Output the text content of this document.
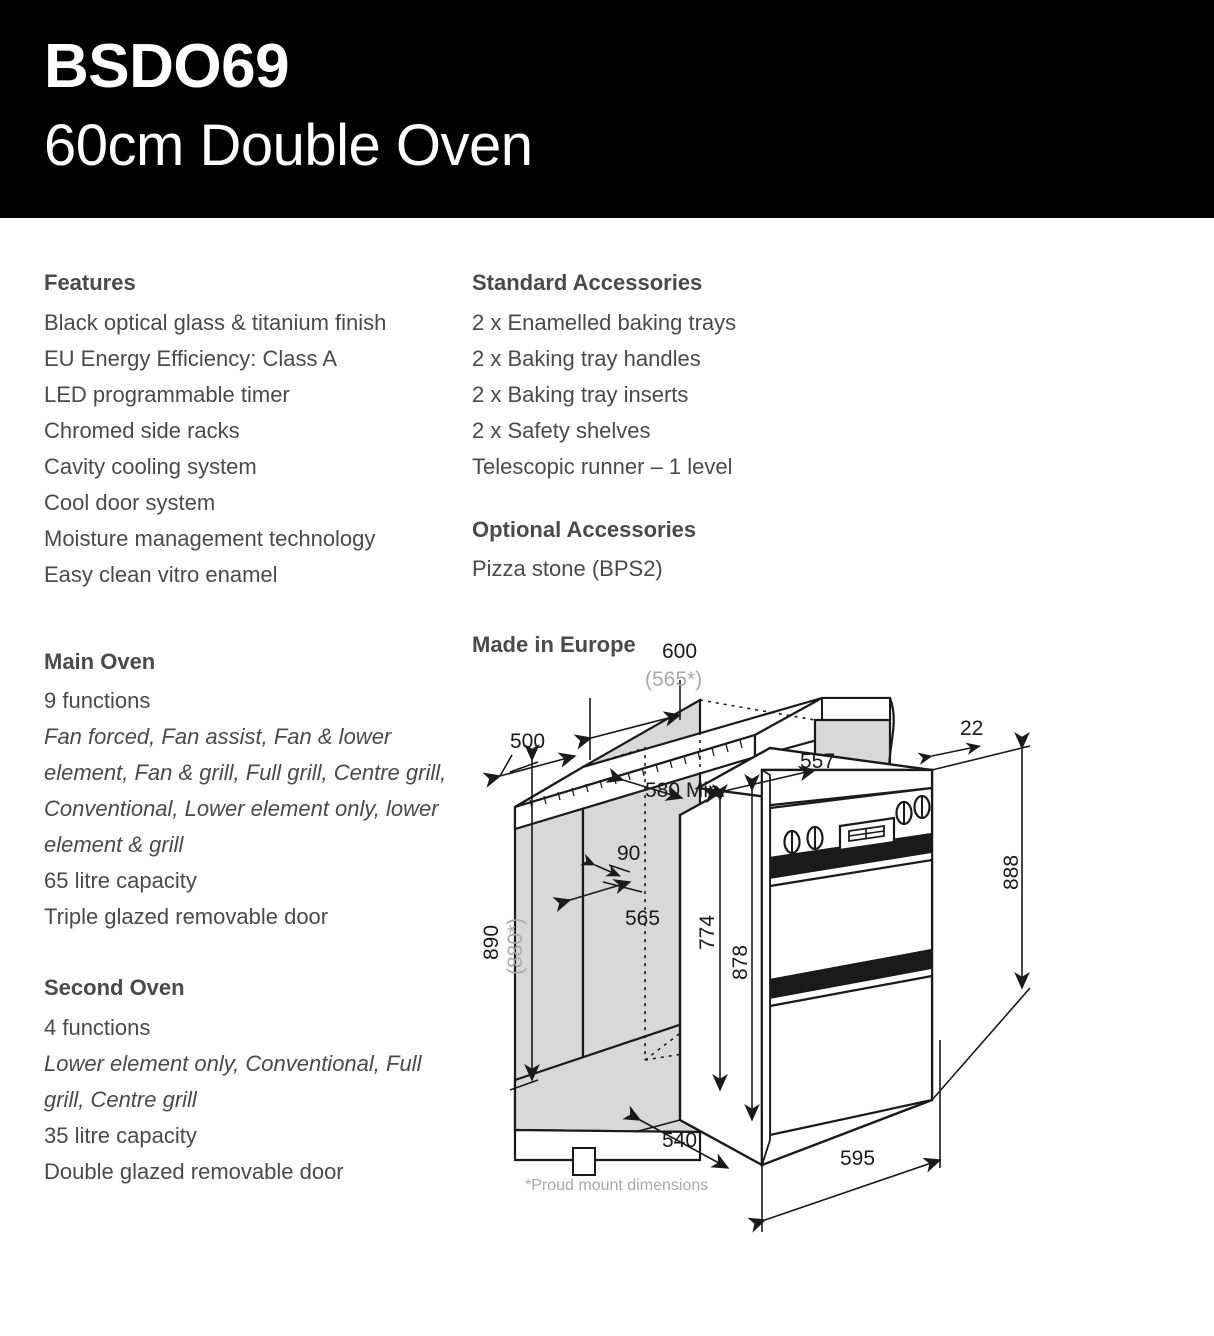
BSDO69
60cm Double Oven
Features
Black optical glass & titanium finish
EU Energy Efficiency: Class A
LED programmable timer
Chromed side racks
Cavity cooling system
Cool door system
Moisture management technology
Easy clean vitro enamel
Main Oven
9 functions
Fan forced, Fan assist, Fan & lower element, Fan & grill, Full grill, Centre grill, Conventional, Lower element only, lower element & grill
65 litre capacity
Triple glazed removable door
Second Oven
4 functions
Lower element only, Conventional, Full grill, Centre grill
35 litre capacity
Double glazed removable door
Standard Accessories
2 x Enamelled baking trays
2 x Baking tray handles
2 x Baking tray inserts
2 x Safety shelves
Telescopic runner – 1 level
Optional Accessories
Pizza stone (BPS2)
Made in Europe
500
600
(565*)
580 Min.
90
565
890 (880*)
557
22
888
774
878
540
595
*Proud mount dimensions
